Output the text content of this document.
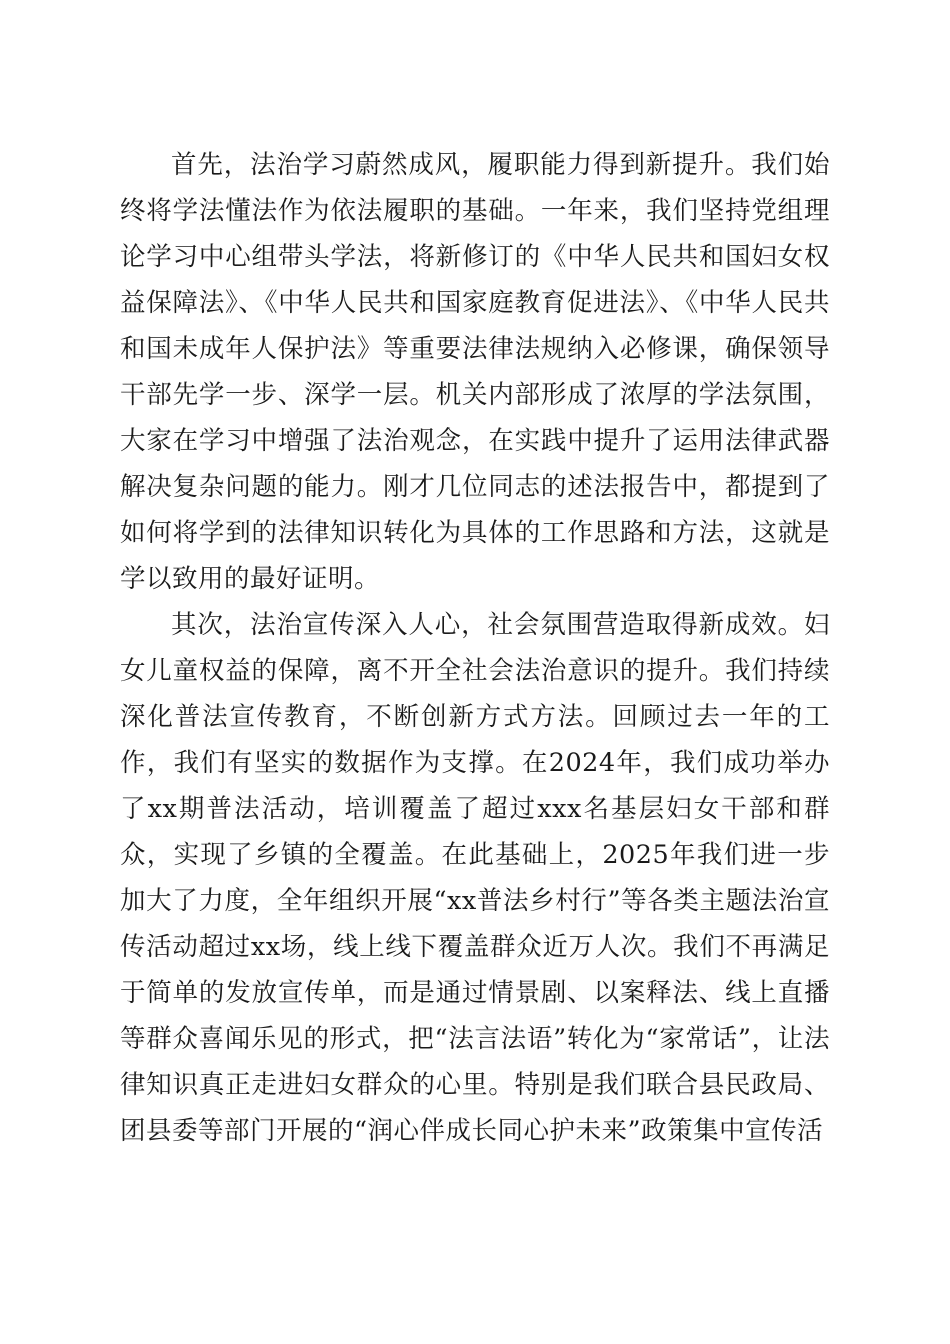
首先，法治学习蔚然成风，履职能力得到新提升。我们始终将学法懂法作为依法履职的基础。一年来，我们坚持党组理论学习中心组带头学法，将新修订的《中华人民共和国妇女权益保障法》、《中华人民共和国家庭教育促进法》、《中华人民共和国未成年人保护法》等重要法律法规纳入必修课，确保领导干部先学一步、深学一层。机关内部形成了浓厚的学法氛围，大家在学习中增强了法治观念，在实践中提升了运用法律武器解决复杂问题的能力。刚才几位同志的述法报告中，都提到了如何将学到的法律知识转化为具体的工作思路和方法，这就是学以致用的最好证明。

其次，法治宣传深入人心，社会氛围营造取得新成效。妇女儿童权益的保障，离不开全社会法治意识的提升。我们持续深化普法宣传教育，不断创新方式方法。回顾过去一年的工作，我们有坚实的数据作为支撑。在2024年，我们成功举办了xx期普法活动，培训覆盖了超过xxx名基层妇女干部和群众，实现了乡镇的全覆盖。在此基础上，2025年我们进一步加大了力度，全年组织开展“xx普法乡村行”等各类主题法治宣传活动超过xx场，线上线下覆盖群众近万人次。我们不再满足于简单的发放宣传单，而是通过情景剧、以案释法、线上直播等群众喜闻乐见的形式，把“法言法语”转化为“家常话”，让法律知识真正走进妇女群众的心里。特别是我们联合县民政局、团县委等部门开展的“润心伴成长同心护未来”政策集中宣传活
